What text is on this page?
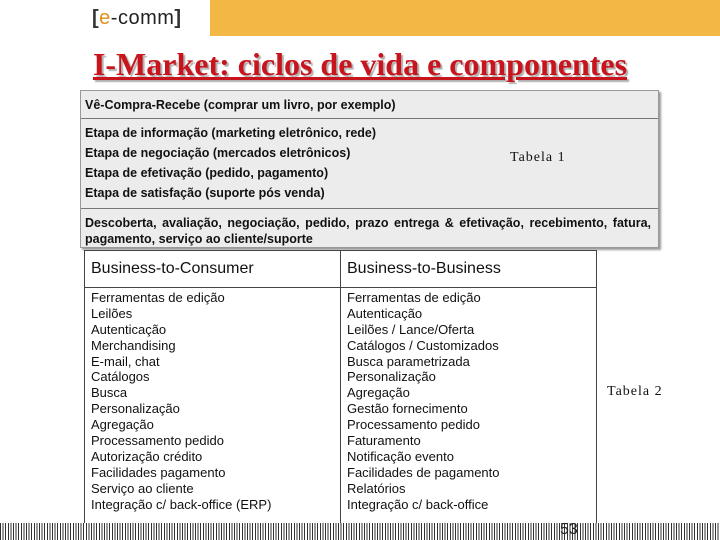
[e-comm]
I-Market: ciclos de vida e componentes
Vê-Compra-Recebe (comprar um livro, por exemplo)
Etapa de informação (marketing eletrônico, rede)
Etapa de negociação (mercados eletrônicos)
Etapa de efetivação (pedido, pagamento)
Etapa de satisfação (suporte pós venda)
Descoberta, avaliação, negociação, pedido, prazo entrega & efetivação, recebimento, fatura, pagamento, serviço ao cliente/suporte
Tabela 1
Business-to-Consumer
Ferramentas de edição
Leilões
Autenticação
Merchandising
E-mail, chat
Catálogos
Busca
Personalização
Agregação
Processamento pedido
Autorização crédito
Facilidades pagamento
Serviço ao cliente
Integração c/ back-office (ERP)
Business-to-Business
Ferramentas de edição
Autenticação
Leilões / Lance/Oferta
Catálogos / Customizados
Busca parametrizada
Personalização
Agregação
Gestão fornecimento
Processamento pedido
Faturamento
Notificação evento
Facilidades de pagamento
Relatórios
Integração c/ back-office
Tabela 2
53
